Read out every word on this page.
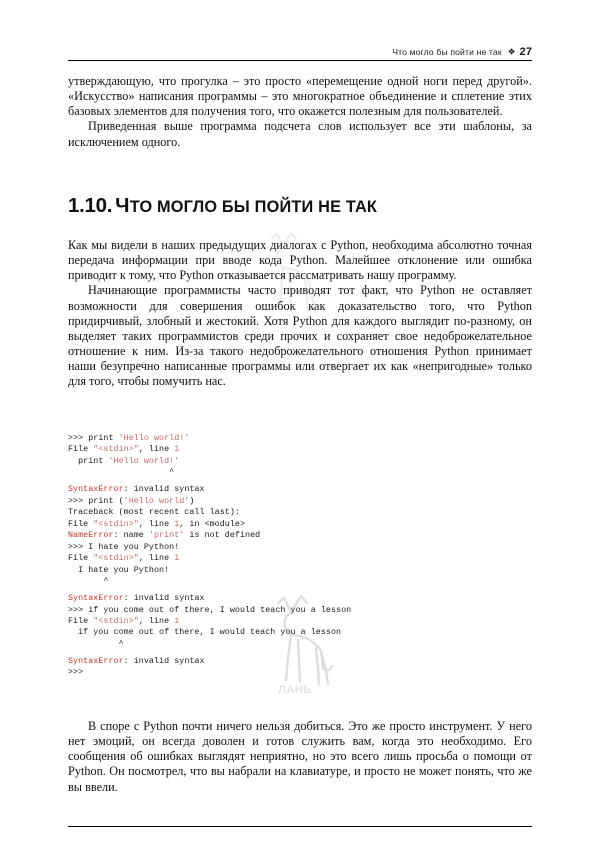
Что могло бы пойти не так ❖ 27

утверждающую, что прогулка – это просто «перемещение одной ноги перед другой». «Искусство» написания программы – это многократное объединение и сплетение этих базовых элементов для получения того, что окажется полезным для пользователей.

Приведенная выше программа подсчета слов использует все эти шаблоны, за исключением одного.

1.10. ЧТО МОГЛО БЫ ПОЙТИ НЕ ТАК

Как мы видели в наших предыдущих диалогах с Python, необходима абсолютно точная передача информации при вводе кода Python. Малейшее отклонение или ошибка приводит к тому, что Python отказывается рассматривать нашу программу.

Начинающие программисты часто приводят тот факт, что Python не оставляет возможности для совершения ошибок как доказательство того, что Python придирчивый, злобный и жестокий. Хотя Python для каждого выглядит по-разному, он выделяет таких программистов среди прочих и сохраняет свое недоброжелательное отношение к ним. Из-за такого недоброжелательного отношения Python принимает наши безупречно написанные программы или отвергает их как «непригодные» только для того, чтобы помучить нас.

>>> print 'Hello world!'
File "<stdin>", line 1
print 'Hello world!'
^
SyntaxError: invalid syntax
>>> print ('Hello world')
Traceback (most recent call last):
File "<stdin>", line 1, in <module>
NameError: name 'print' is not defined
>>> I hate you Python!
File "<stdin>", line 1
I hate you Python!
^
SyntaxError: invalid syntax
>>> if you come out of there, I would teach you a lesson
File "<stdin>", line 1
if you come out of there, I would teach you a lesson
^
SyntaxError: invalid syntax
>>>
ЛАНЬ

В споре с Python почти ничего нельзя добиться. Это же просто инструмент. У него нет эмоций, он всегда доволен и готов служить вам, когда это необходимо. Его сообщения об ошибках выглядят неприятно, но это всего лишь просьба о помощи от Python. Он посмотрел, что вы набрали на клавиатуре, и просто не может понять, что же вы ввели.
